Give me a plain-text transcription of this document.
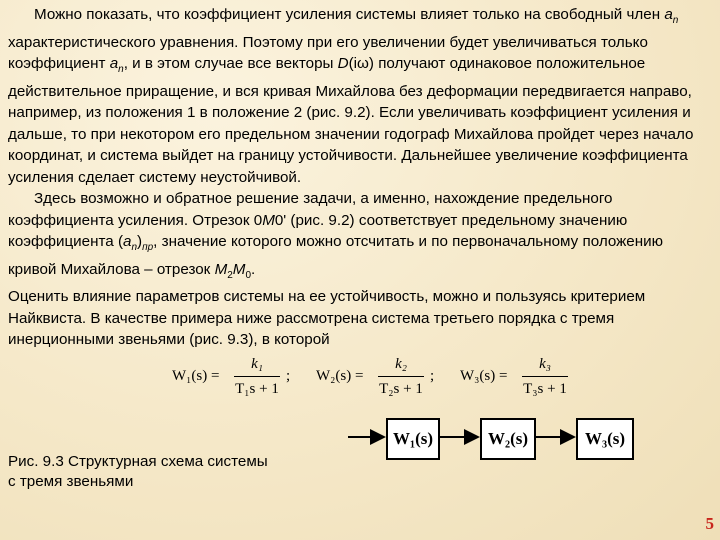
Можно показать, что коэффициент усиления системы влияет только на свободный член $a_n$ характеристического уравнения. Поэтому при его увеличении будет увеличиваться только коэффициент $a_n$, и в этом случае все векторы D(iω) получают одинаковое положительное действительное приращение, и вся кривая Михайлова без деформации передвигается направо, например, из положения 1 в положение 2 (рис. 9.2). Если увеличивать коэффициент усиления и дальше, то при некотором его предельном значении годограф Михайлова пройдет через начало координат, и система выйдет на границу устойчивости. Дальнейшее увеличение коэффициента усиления сделает систему неустойчивой.

Здесь возможно и обратное решение задачи, а именно, нахождение предельного коэффициента усиления. Отрезок 0M0' (рис. 9.2) соответствует предельному значению коэффициента $(a_n)_{пр}$, значение которого можно отсчитать и по первоначальному положению кривой Михайлова – отрезок $M_2M_0$.

Оценить влияние параметров системы на ее устойчивость, можно и пользуясь критерием Найквиста. В качестве примера ниже рассмотрена система третьего порядка с тремя инерционными звеньями (рис. 9.3), в которой

W₁(s) =
k₁
T₁s + 1
; W₂(s) =
k₂
T₂s + 1
; W₃(s) =
k₃
T₃s + 1
Рис. 9.3 Структурная схема системы с тремя звеньями
W₁(s)	W₂(s)	W₃(s)
5
